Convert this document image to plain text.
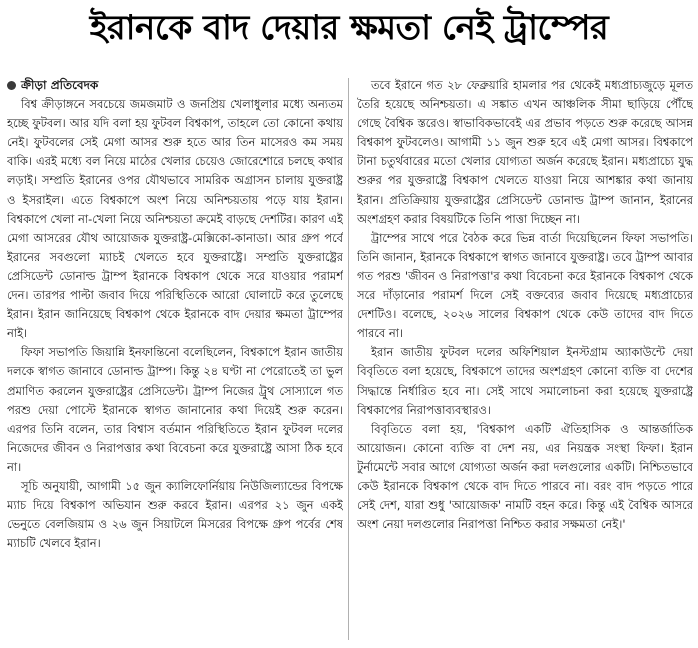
ইরানকে বাদ দেয়ার ক্ষমতা নেই ট্রাম্পের
ক্রীড়া প্রতিবেদক

বিশ্ব ক্রীড়াঙ্গনে সবচেয়ে জমজমাট ও জনপ্রিয় খেলাধুলার মধ্যে অন্যতম হচ্ছে ফুটবল। আর যদি বলা হয় ফুটবল বিশ্বকাপ, তাহলে তো কোনো কথায় নেই। ফুটবলের সেই মেগা আসর শুরু হতে আর তিন মাসেরও কম সময় বাকি। এরই মধ্যে বল নিয়ে মাঠের খেলার চেয়েও জোরেশোরে চলছে কথার লড়াই। সম্প্রতি ইরানের ওপর যৌথভাবে সামরিক অগ্রাসন চালায় যুক্তরাষ্ট্র ও ইসরাইল। এতে বিশ্বকাপে অংশ নিয়ে অনিশ্চয়তায় পড়ে যায় ইরান। বিশ্বকাপে খেলা না-খেলা নিয়ে অনিশ্চয়তা ক্রমেই বাড়ছে দেশটির। কারণ এই মেগা আসরের যৌথ আয়োজক যুক্তরাষ্ট্র-মেক্সিকো-কানাডা। আর গ্রুপ পর্বে ইরানের সবগুলো ম্যাচই খেলতে হবে যুক্তরাষ্ট্রে। সম্প্রতি যুক্তরাষ্ট্রের প্রেসিডেন্ট ডোনাল্ড ট্রাম্প ইরানকে বিশ্বকাপ থেকে সরে যাওয়ার পরামর্শ দেন। তারপর পাল্টা জবাব দিয়ে পরিস্থিতিকে আরো ঘোলাটে করে তুলেছে ইরান। ইরান জানিয়েছে বিশ্বকাপ থেকে ইরানকে বাদ দেয়ার ক্ষমতা ট্রাম্পের নাই।

ফিফা সভাপতি জিয়ান্নি ইনফান্তিনো বলেছিলেন, বিশ্বকাপে ইরান জাতীয় দলকে স্বাগত জানাবে ডোনাল্ড ট্রাম্প। কিন্তু ২৪ ঘণ্টা না পেরোতেই তা ভুল প্রমাণিত করলেন যুক্তরাষ্ট্রের প্রেসিডেন্ট। ট্রাম্প নিজের ট্রুথ সোস্যালে গত পরশু দেয়া পোস্টে ইরানকে স্বাগত জানানোর কথা দিয়েই শুরু করেন। এরপর তিনি বলেন, তার বিশ্বাস বর্তমান পরিস্থিতিতে ইরান ফুটবল দলের নিজেদের জীবন ও নিরাপত্তার কথা বিবেচনা করে যুক্তরাষ্ট্রে আসা ঠিক হবে না।

সূচি অনুযায়ী, আগামী ১৫ জুন ক্যালিফোর্নিয়ায় নিউজিল্যান্ডের বিপক্ষে ম্যাচ দিয়ে বিশ্বকাপ অভিযান শুরু করবে ইরান। এরপর ২১ জুন একই ভেনুতে বেলজিয়াম ও ২৬ জুন সিয়াটলে মিসরের বিপক্ষে গ্রুপ পর্বের শেষ ম্যাচটি খেলবে ইরান।

তবে ইরানে গত ২৮ ফেব্রুয়ারি হামলার পর থেকেই মধ্যপ্রাচ্যজুড়ে মূলত তৈরি হয়েছে অনিশ্চয়তা। এ সঙ্কাত এখন আঞ্চলিক সীমা ছাড়িয়ে পৌঁছে গেছে বৈশ্বিক স্তরেও। স্বাভাবিকভাবেই এর প্রভাব পড়তে শুরু করেছে আসন্ন বিশ্বকাপ ফুটবলেও। আগামী ১১ জুন শুরু হবে এই মেগা আসর। বিশ্বকাপে টানা চতুর্থবারের মতো খেলার যোগ্যতা অর্জন করেছে ইরান। মধ্যপ্রাচ্যে যুদ্ধ শুরুর পর যুক্তরাষ্ট্রে বিশ্বকাপ খেলতে যাওয়া নিয়ে আশঙ্কার কথা জানায় ইরান। প্রতিক্রিয়ায় যুক্তরাষ্ট্রের প্রেসিডেন্ট ডোনাল্ড ট্রাম্প জানান, ইরানের অংশগ্রহণ করার বিষয়টিকে তিনি পাত্তা দিচ্ছেন না।

ট্রাম্পের সাথে পরে বৈঠক করে ভিন্ন বার্তা দিয়েছিলেন ফিফা সভাপতি। তিনি জানান, ইরানকে বিশ্বকাপে স্বাগত জানাবে যুক্তরাষ্ট্র। তবে ট্রাম্প আবার গত পরশু 'জীবন ও নিরাপত্তা'র কথা বিবেচনা করে ইরানকে বিশ্বকাপ থেকে সরে দাঁড়ানোর পরামর্শ দিলে সেই বক্তব্যের জবাব দিয়েছে মধ্যপ্রাচ্যের দেশটিও। বলেছে, ২০২৬ সালের বিশ্বকাপ থেকে কেউ তাদের বাদ দিতে পারবে না।

ইরান জাতীয় ফুটবল দলের অফিশিয়াল ইনস্টগ্রাম অ্যাকাউন্টে দেয়া বিবৃতিতে বলা হয়েছে, বিশ্বকাপে তাদের অংশগ্রহণ কোনো ব্যক্তি বা দেশের সিদ্ধান্তে নির্ধারিত হবে না। সেই সাথে সমালোচনা করা হয়েছে যুক্তরাষ্ট্রে বিশ্বকাপের নিরাপত্তাব্যবস্থারও।

বিবৃতিতে বলা হয়, 'বিশ্বকাপ একটি ঐতিহাসিক ও আন্তর্জাতিক আয়োজন। কোনো ব্যক্তি বা দেশ নয়, এর নিয়ন্ত্রক সংস্থা ফিফা। ইরান টুর্নামেন্টে সবার আগে যোগ্যতা অর্জন করা দলগুলোর একটি। নিশ্চিতভাবে কেউ ইরানকে বিশ্বকাপ থেকে বাদ দিতে পারবে না। বরং বাদ পড়তে পারে সেই দেশ, যারা শুধু 'আয়োজক' নামটি বহন করে। কিন্তু এই বৈশ্বিক আসরে অংশ নেয়া দলগুলোর নিরাপত্তা নিশ্চিত করার সক্ষমতা নেই।'
